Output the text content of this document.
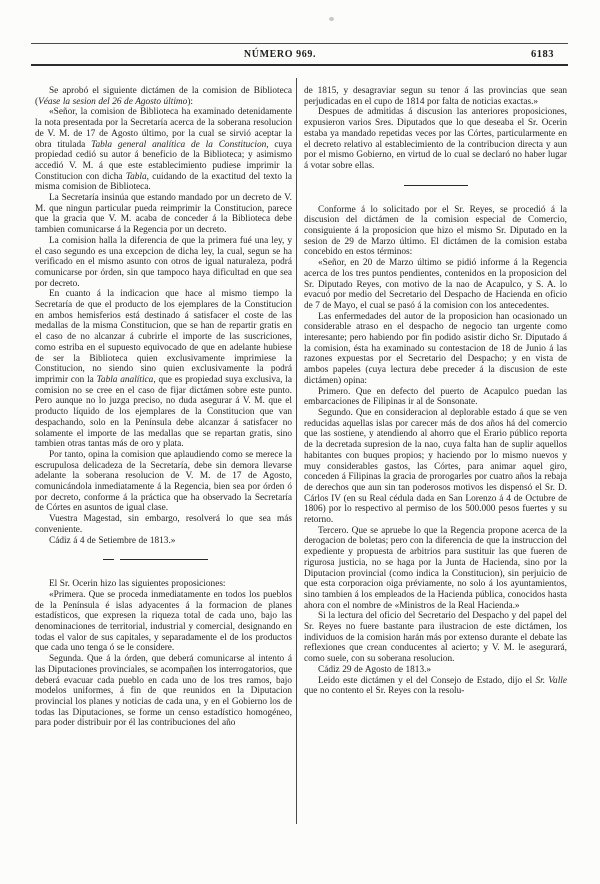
NÚMERO 969.	6183

Se aprobó el siguiente dictámen de la comision de Biblioteca (Véase la sesion del 26 de Agosto último):

«Señor, la comision de Biblioteca ha examinado detenidamente la nota presentada por la Secretaría acerca de la soberana resolucion de V. M. de 17 de Agosto último, por la cual se sirvió aceptar la obra titulada Tabla general analítica de la Constitucion, cuya propiedad cedió su autor á beneficio de la Biblioteca; y asimismo accedió V. M. á que este establecimiento pudiese imprimir la Constitucion con dicha Tabla, cuidando de la exactitud del texto la misma comision de Biblioteca.

La Secretaría insinúa que estando mandado por un decreto de V. M. que ningun particular pueda reimprimir la Constitucion, parece que la gracia que V. M. acaba de conceder á la Biblioteca debe tambien comunicarse á la Regencia por un decreto.

La comision halla la diferencia de que la primera fué una ley, y el caso segundo es una excepcion de dicha ley, la cual, segun se ha verificado en el mismo asunto con otros de igual naturaleza, podrá comunicarse por órden, sin que tampoco haya dificultad en que sea por decreto.

En cuanto á la indicacion que hace al mismo tiempo la Secretaría de que el producto de los ejemplares de la Constitucion en ambos hemisferios está destinado á satisfacer el coste de las medallas de la misma Constitucion, que se han de repartir gratis en el caso de no alcanzar á cubrirle el importe de las suscriciones, como estriba en el supuesto equivocado de que en adelante hubiese de ser la Biblioteca quien exclusivamente imprimiese la Constitucion, no siendo sino quien exclusivamente la podrá imprimir con la Tabla analítica, que es propiedad suya exclusiva, la comision no se cree en el caso de fijar dictámen sobre este punto. Pero aunque no lo juzga preciso, no duda asegurar á V. M. que el producto líquido de los ejemplares de la Constitucion que van despachando, solo en la Península debe alcanzar á satisfacer no solamente el importe de las medallas que se repartan gratis, sino tambien otras tantas más de oro y plata.

Por tanto, opina la comision que aplaudiendo como se merece la escrupulosa delicadeza de la Secretaría, debe sin demora llevarse adelante la soberana resolucion de V. M. de 17 de Agosto, comunicándola inmediatamente á la Regencia, bien sea por órden ó por decreto, conforme á la práctica que ha observado la Secretaría de Córtes en asuntos de igual clase.

Vuestra Magestad, sin embargo, resolverá lo que sea más conveniente.

Cádiz á 4 de Setiembre de 1813.»

El Sr. Ocerin hizo las siguientes proposiciones:

«Primera. Que se proceda inmediatamente en todos los pueblos de la Península é islas adyacentes á la formacion de planes estadísticos, que expresen la riqueza total de cada uno, bajo las denominaciones de territorial, industrial y comercial, designando en todas el valor de sus capitales, y separadamente el de los productos que cada uno tenga ó se le considere.

Segunda. Que á la órden, que deberá comunicarse al intento á las Diputaciones provinciales, se acompañen los interrogatorios, que deberá evacuar cada pueblo en cada uno de los tres ramos, bajo modelos uniformes, á fin de que reunidos en la Diputacion provincial los planes y noticias de cada una, y en el Gobierno los de todas las Diputaciones, se forme un censo estadístico homogéneo, para poder distribuir por él las contribuciones del año

de 1815, y desagraviar segun su tenor á las provincias que sean perjudicadas en el cupo de 1814 por falta de noticias exactas.»

Despues de admitidas á discusion las anteriores proposiciones, expusieron varios Sres. Diputados que lo que deseaba el Sr. Ocerin estaba ya mandado repetidas veces por las Córtes, particularmente en el decreto relativo al establecimiento de la contribucion directa y aun por el mismo Gobierno, en virtud de lo cual se declaró no haber lugar á votar sobre ellas.

Conforme á lo solicitado por el Sr. Reyes, se procedió á la discusion del dictámen de la comision especial de Comercio, consiguiente á la proposicion que hizo el mismo Sr. Diputado en la sesion de 29 de Marzo último. El dictámen de la comision estaba concebido en estos términos:

«Señor, en 20 de Marzo último se pidió informe á la Regencia acerca de los tres puntos pendientes, contenidos en la proposicion del Sr. Diputado Reyes, con motivo de la nao de Acapulco, y S. A. lo evacuó por medio del Secretario del Despacho de Hacienda en oficio de 7 de Mayo, el cual se pasó á la comision con los antecedentes.

Las enfermedades del autor de la proposicion han ocasionado un considerable atraso en el despacho de negocio tan urgente como interesante; pero habiendo por fin podido asistir dicho Sr. Diputado á la comision, ésta ha examinado su contestacion de 18 de Junio á las razones expuestas por el Secretario del Despacho; y en vista de ambos papeles (cuya lectura debe preceder á la discusion de este dictámen) opina:

Primero. Que en defecto del puerto de Acapulco puedan las embarcaciones de Filipinas ir al de Sonsonate.

Segundo. Que en consideracion al deplorable estado á que se ven reducidas aquellas islas por carecer más de dos años há del comercio que las sostiene, y atendiendo al ahorro que el Erario público reporta de la decretada supresion de la nao, cuya falta han de suplir aquellos habitantes con buques propios; y haciendo por lo mismo nuevos y muy considerables gastos, las Córtes, para animar aquel giro, conceden á Filipinas la gracia de prorogarles por cuatro años la rebaja de derechos que aun sin tan poderosos motivos les dispensó el Sr. D. Cárlos IV (en su Real cédula dada en San Lorenzo á 4 de Octubre de 1806) por lo respectivo al permiso de los 500.000 pesos fuertes y su retorno.

Tercero. Que se apruebe lo que la Regencia propone acerca de la derogacion de boletas; pero con la diferencia de que la instruccion del expediente y propuesta de arbitrios para sustituir las que fueren de rigurosa justicia, no se haga por la Junta de Hacienda, sino por la Diputacion provincial (como indica la Constitucion), sin perjuicio de que esta corporacion oiga préviamente, no solo á los ayuntamientos, sino tambien á los empleados de la Hacienda pública, conocidos hasta ahora con el nombre de «Ministros de la Real Hacienda.»

Si la lectura del oficio del Secretario del Despacho y del papel del Sr. Reyes no fuere bastante para ilustracion de este dictámen, los individuos de la comision harán más por extenso durante el debate las reflexiones que crean conducentes al acierto; y V. M. le asegurará, como suele, con su soberana resolucion.

Cádiz 29 de Agosto de 1813.»

Leido este dictámen y el del Consejo de Estado, dijo el Sr. Valle que no contento el Sr. Reyes con la resolu-
